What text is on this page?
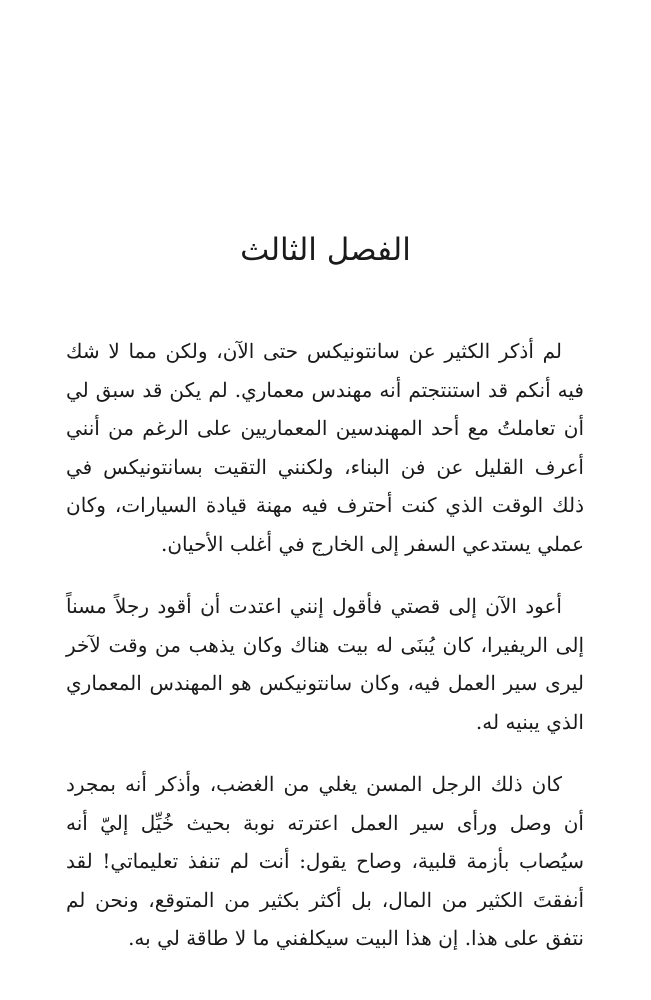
الفصل الثالث

لم أذكر الكثير عن سانتونيكس حتى الآن، ولكن مما لا شك فيه أنكم قد استنتجتم أنه مهندس معماري. لم يكن قد سبق لي أن تعاملتُ مع أحد المهندسين المعماريين على الرغم من أنني أعرف القليل عن فن البناء، ولكنني التقيت بسانتونيكس في ذلك الوقت الذي كنت أحترف فيه مهنة قيادة السيارات، وكان عملي يستدعي السفر إلى الخارج في أغلب الأحيان.

أعود الآن إلى قصتي فأقول إنني اعتدت أن أقود رجلاً مسناً إلى الريفيرا، كان يُبنَى له بيت هناك وكان يذهب من وقت لآخر ليرى سير العمل فيه، وكان سانتونيكس هو المهندس المعماري الذي يبنيه له.

كان ذلك الرجل المسن يغلي من الغضب، وأذكر أنه بمجرد أن وصل ورأى سير العمل اعترته نوبة بحيث خُيِّل إليّ أنه سيُصاب بأزمة قلبية، وصاح يقول: أنت لم تنفذ تعليماتي! لقد أنفقتَ الكثير من المال، بل أكثر بكثير من المتوقع، ونحن لم نتفق على هذا. إن هذا البيت سيكلفني ما لا طاقة لي به.
